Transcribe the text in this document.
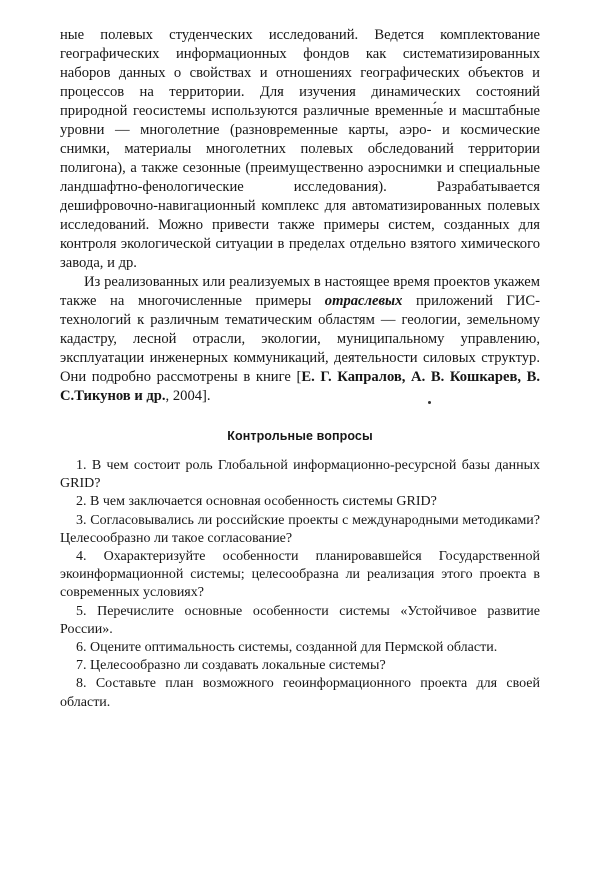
ные полевых студенческих исследований. Ведется комплектование географических информационных фондов как систематизированных наборов данных о свойствах и отношениях географических объектов и процессов на территории. Для изучения динамических состояний природной геосистемы используются различные временны́е и масштабные уровни — многолетние (разновременные карты, аэро- и космические снимки, материалы многолетних полевых обследований территории полигона), а также сезонные (преимущественно аэроснимки и специальные ландшафтно-фенологические исследования). Разрабатывается дешифровочно-навигационный комплекс для автоматизированных полевых исследований. Можно привести также примеры систем, созданных для контроля экологической ситуации в пределах отдельно взятого химического завода, и др.

Из реализованных или реализуемых в настоящее время проектов укажем также на многочисленные примеры отраслевых приложений ГИС-технологий к различным тематическим областям — геологии, земельному кадастру, лесной отрасли, экологии, муниципальному управлению, эксплуатации инженерных коммуникаций, деятельности силовых структур. Они подробно рассмотрены в книге [Е. Г. Капралов, А. В. Кошкарев, В. С.Тикунов и др., 2004].

Контрольные вопросы
1. В чем состоит роль Глобальной информационно-ресурсной базы данных GRID?
2. В чем заключается основная особенность системы GRID?
3. Согласовывались ли российские проекты с международными методиками? Целесообразно ли такое согласование?
4. Охарактеризуйте особенности планировавшейся Государственной экоинформационной системы; целесообразна ли реализация этого проекта в современных условиях?
5. Перечислите основные особенности системы «Устойчивое развитие России».
6. Оцените оптимальность системы, созданной для Пермской области.
7. Целесообразно ли создавать локальные системы?
8. Составьте план возможного геоинформационного проекта для своей области.
